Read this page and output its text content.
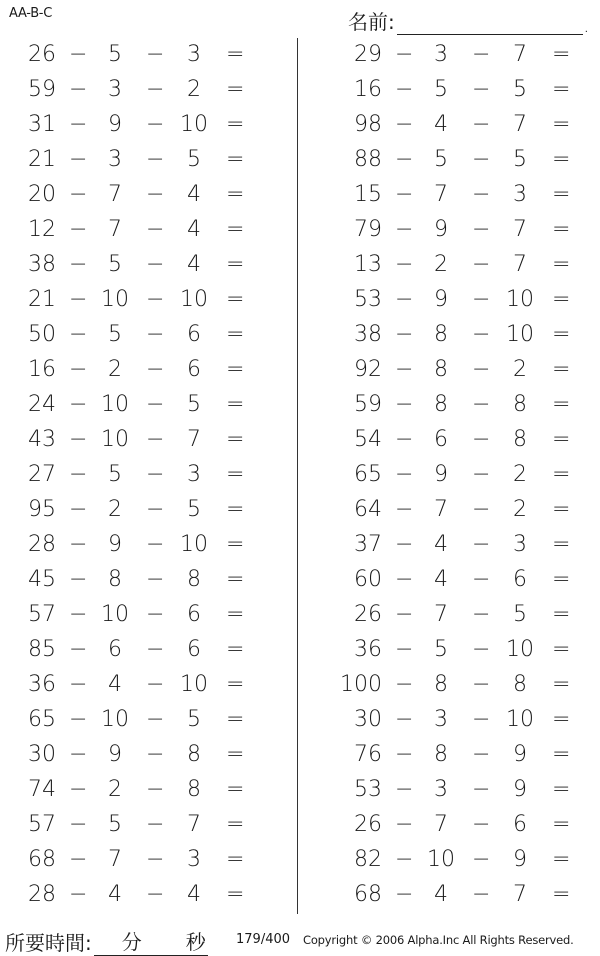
AA-B-C	名前:	.
26 − 5	−	3	=
59 − 3	−	2	=
31 − 9	− 10 =
21 − 3	−	5	=
20 − 7	−	4	=
12 − 7	−	4	=
38 − 5	−	4	=
21 − 10 − 10 =
50 − 5	−	6	=
16 − 2	−	6	=
24 − 10 −	5	=
43 − 10 −	7	=
27 − 5	−	3	=
95 − 2	−	5	=
28 − 9	− 10 =
45 − 8	−	8	=
57 − 10 −	6	=
85 − 6	−	6	=
36 − 4	− 10 =
65 − 10 −	5	=
30 − 9	−	8	=
74 − 2	−	8	=
57 − 5	−	7	=
68 − 7	−	3	=
28 − 4	−	4	=
29 − 3	−	7	=
16 − 5	−	5	=
98 − 4	−	7	=
88 − 5	−	5	=
15 − 7	−	3	=
79 − 9	−	7	=
13 − 2	−	7	=
53 − 9	− 10 =
38 − 8	− 10 =
92 − 8	−	2	=
59 − 8	−	8	=
54 − 6	−	8	=
65 − 9	−	2	=
64 − 7	−	2	=
37 − 4	−	3	=
60 − 4	−	6	=
26 − 7	−	5	=
36 − 5	− 10 =
100 − 8	−	8	=
30 − 3	− 10 =
76 − 8	−	9	=
53 − 3	−	9	=
26 − 7	−	6	=
82 − 10 −	9	=
68 − 4	−	7	=
所要時間: 分 秒 179/400 Copyright © 2006 Alpha.Inc All Rights Reserved.
